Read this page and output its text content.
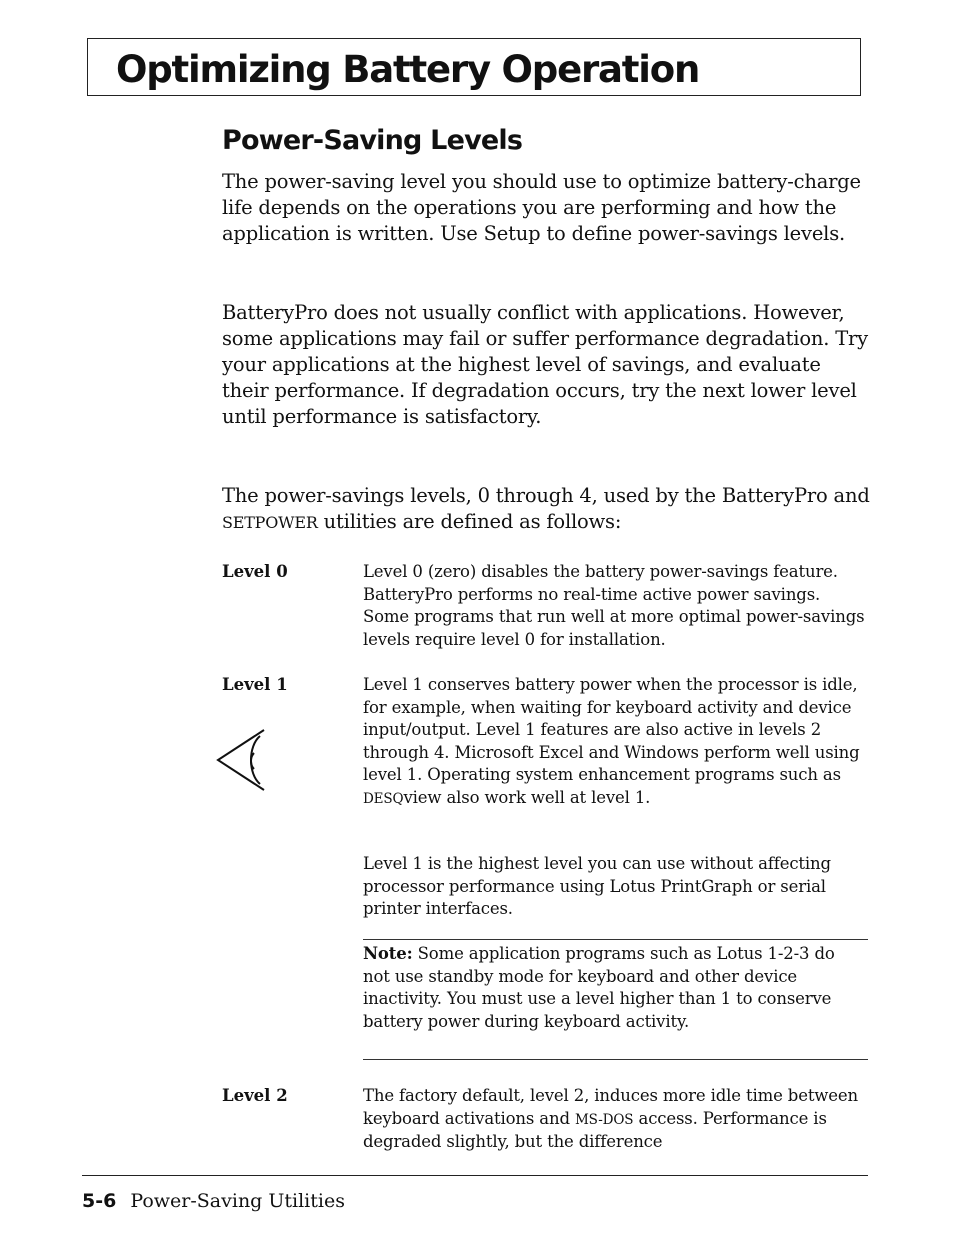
Optimizing Battery Operation
Power-Saving Levels

The power-saving level you should use to optimize battery-charge life depends on the operations you are performing and how the application is written. Use Setup to define power-savings levels.

BatteryPro does not usually conflict with applications. However, some applications may fail or suffer performance degradation. Try your applications at the highest level of savings, and evaluate their performance. If degradation occurs, try the next lower level until performance is satisfactory.

The power-savings levels, 0 through 4, used by the BatteryPro and SETPOWER utilities are defined as follows:

Level 0	Level 0 (zero) disables the battery power-savings feature. BatteryPro performs no real-time active power savings. Some programs that run well at more optimal power-savings levels require level 0 for installation.

Level 1	Level 1 conserves battery power when the processor is idle, for example, when waiting for keyboard activity and device input/output. Level 1 features are also active in levels 2 through 4. Microsoft Excel and Windows perform well using level 1. Operating system enhancement programs such as DESQview also work well at level 1.

Level 1 is the highest level you can use without affecting processor performance using Lotus PrintGraph or serial printer interfaces.

Note: Some application programs such as Lotus 1-2-3 do not use standby mode for keyboard and other device inactivity. You must use a level higher than 1 to conserve battery power during keyboard activity.

Level 2	The factory default, level 2, induces more idle time between keyboard activations and MS-DOS access. Performance is degraded slightly, but the difference

5-6 Power-Saving Utilities
